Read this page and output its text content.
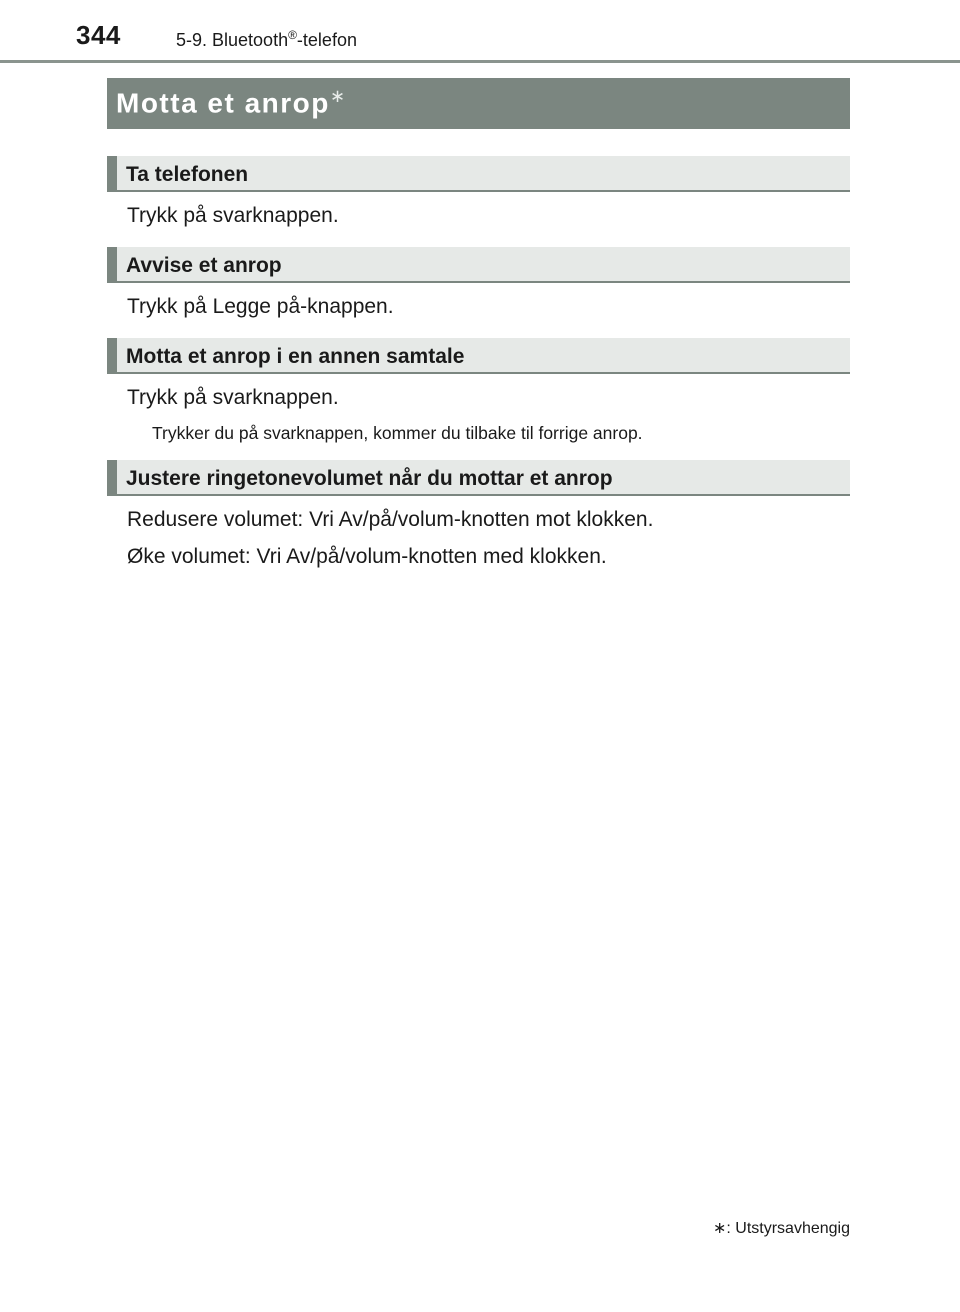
344	5-9. Bluetooth®-telefon
Motta et anrop∗
Ta telefonen
Trykk på svarknappen.
Avvise et anrop
Trykk på Legge på-knappen.
Motta et anrop i en annen samtale
Trykk på svarknappen.
Trykker du på svarknappen, kommer du tilbake til forrige anrop.
Justere ringetonevolumet når du mottar et anrop
Redusere volumet: Vri Av/på/volum-knotten mot klokken.
Øke volumet: Vri Av/på/volum-knotten med klokken.
∗: Utstyrsavhengig
